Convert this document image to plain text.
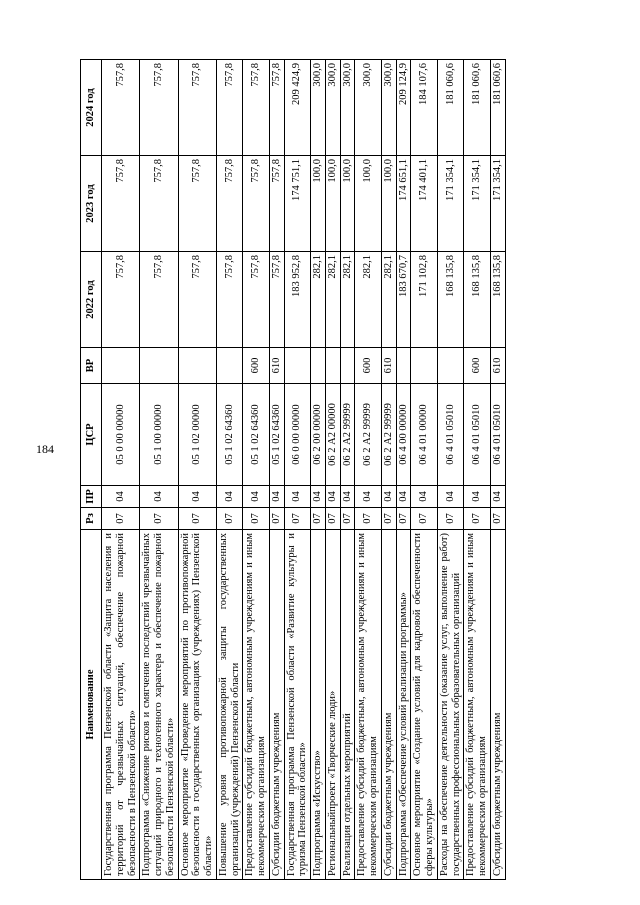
184
Наименование	Рз	ПР	ЦСР	ВР	2022 год	2023 год	2024 год
Государственная программа Пензенской области «Защита населения и территорий от чрезвычайных ситуаций, обеспечение пожарной безопасности в Пензенской области»	07	04	05 0 00 00000		757,8	757,8	757,8
Подпрограмма «Снижение рисков и смягчение последствий чрезвычайных ситуаций природного и техногенного характера и обеспечение пожарной безопасности Пензенской области»	07	04	05 1 00 00000		757,8	757,8	757,8
Основное мероприятие «Проведение мероприятий по противопожарной безопасности в государственных организациях (учреждениях) Пензенской области»	07	04	05 1 02 00000		757,8	757,8	757,8
Повышение уровня противопожарной защиты государственных организаций (учреждений) Пензенской области	07	04	05 1 02 64360		757,8	757,8	757,8
Предоставление субсидий бюджетным, автономным учреждениям и иным некоммерческим организациям	07	04	05 1 02 64360	600	757,8	757,8	757,8
Субсидии бюджетным учреждениям	07	04	05 1 02 64360	610	757,8	757,8	757,8
Государственная программа Пензенской области «Развитие культуры и туризма Пензенской области»	07	04	06 0 00 00000		183 952,8	174 751,1	209 424,9
Подпрограмма «Искусство»	07	04	06 2 00 00000		282,1	100,0	300,0
Региональныйпроект «Творческие люди»	07	04	06 2 А2 00000		282,1	100,0	300,0
Реализация отдельных мероприятий	07	04	06 2 А2 99999		282,1	100,0	300,0
Предоставление субсидий бюджетным, автономным учреждениям и иным некоммерческим организациям	07	04	06 2 А2 99999	600	282,1	100,0	300,0
Субсидии бюджетным учреждениям	07	04	06 2 А2 99999	610	282,1	100,0	300,0
Подпрограмма «Обеспечение условий реализации программы»	07	04	06 4 00 00000		183 670,7	174 651,1	209 124,9
Основное мероприятие «Создание условий для кадровой обеспеченности сферы культуры»	07	04	06 4 01 00000		171 102,8	174 401,1	184 107,6
Расходы на обеспечение деятельности (оказание услуг, выполнение работ) государственных профессиональных образовательных организаций	07	04	06 4 01 05010		168 135,8	171 354,1	181 060,6
Предоставление субсидий бюджетным, автономным учреждениям и иным некоммерческим организациям	07	04	06 4 01 05010	600	168 135,8	171 354,1	181 060,6
Субсидии бюджетным учреждениям	07	04	06 4 01 05010	610	168 135,8	171 354,1	181 060,6
